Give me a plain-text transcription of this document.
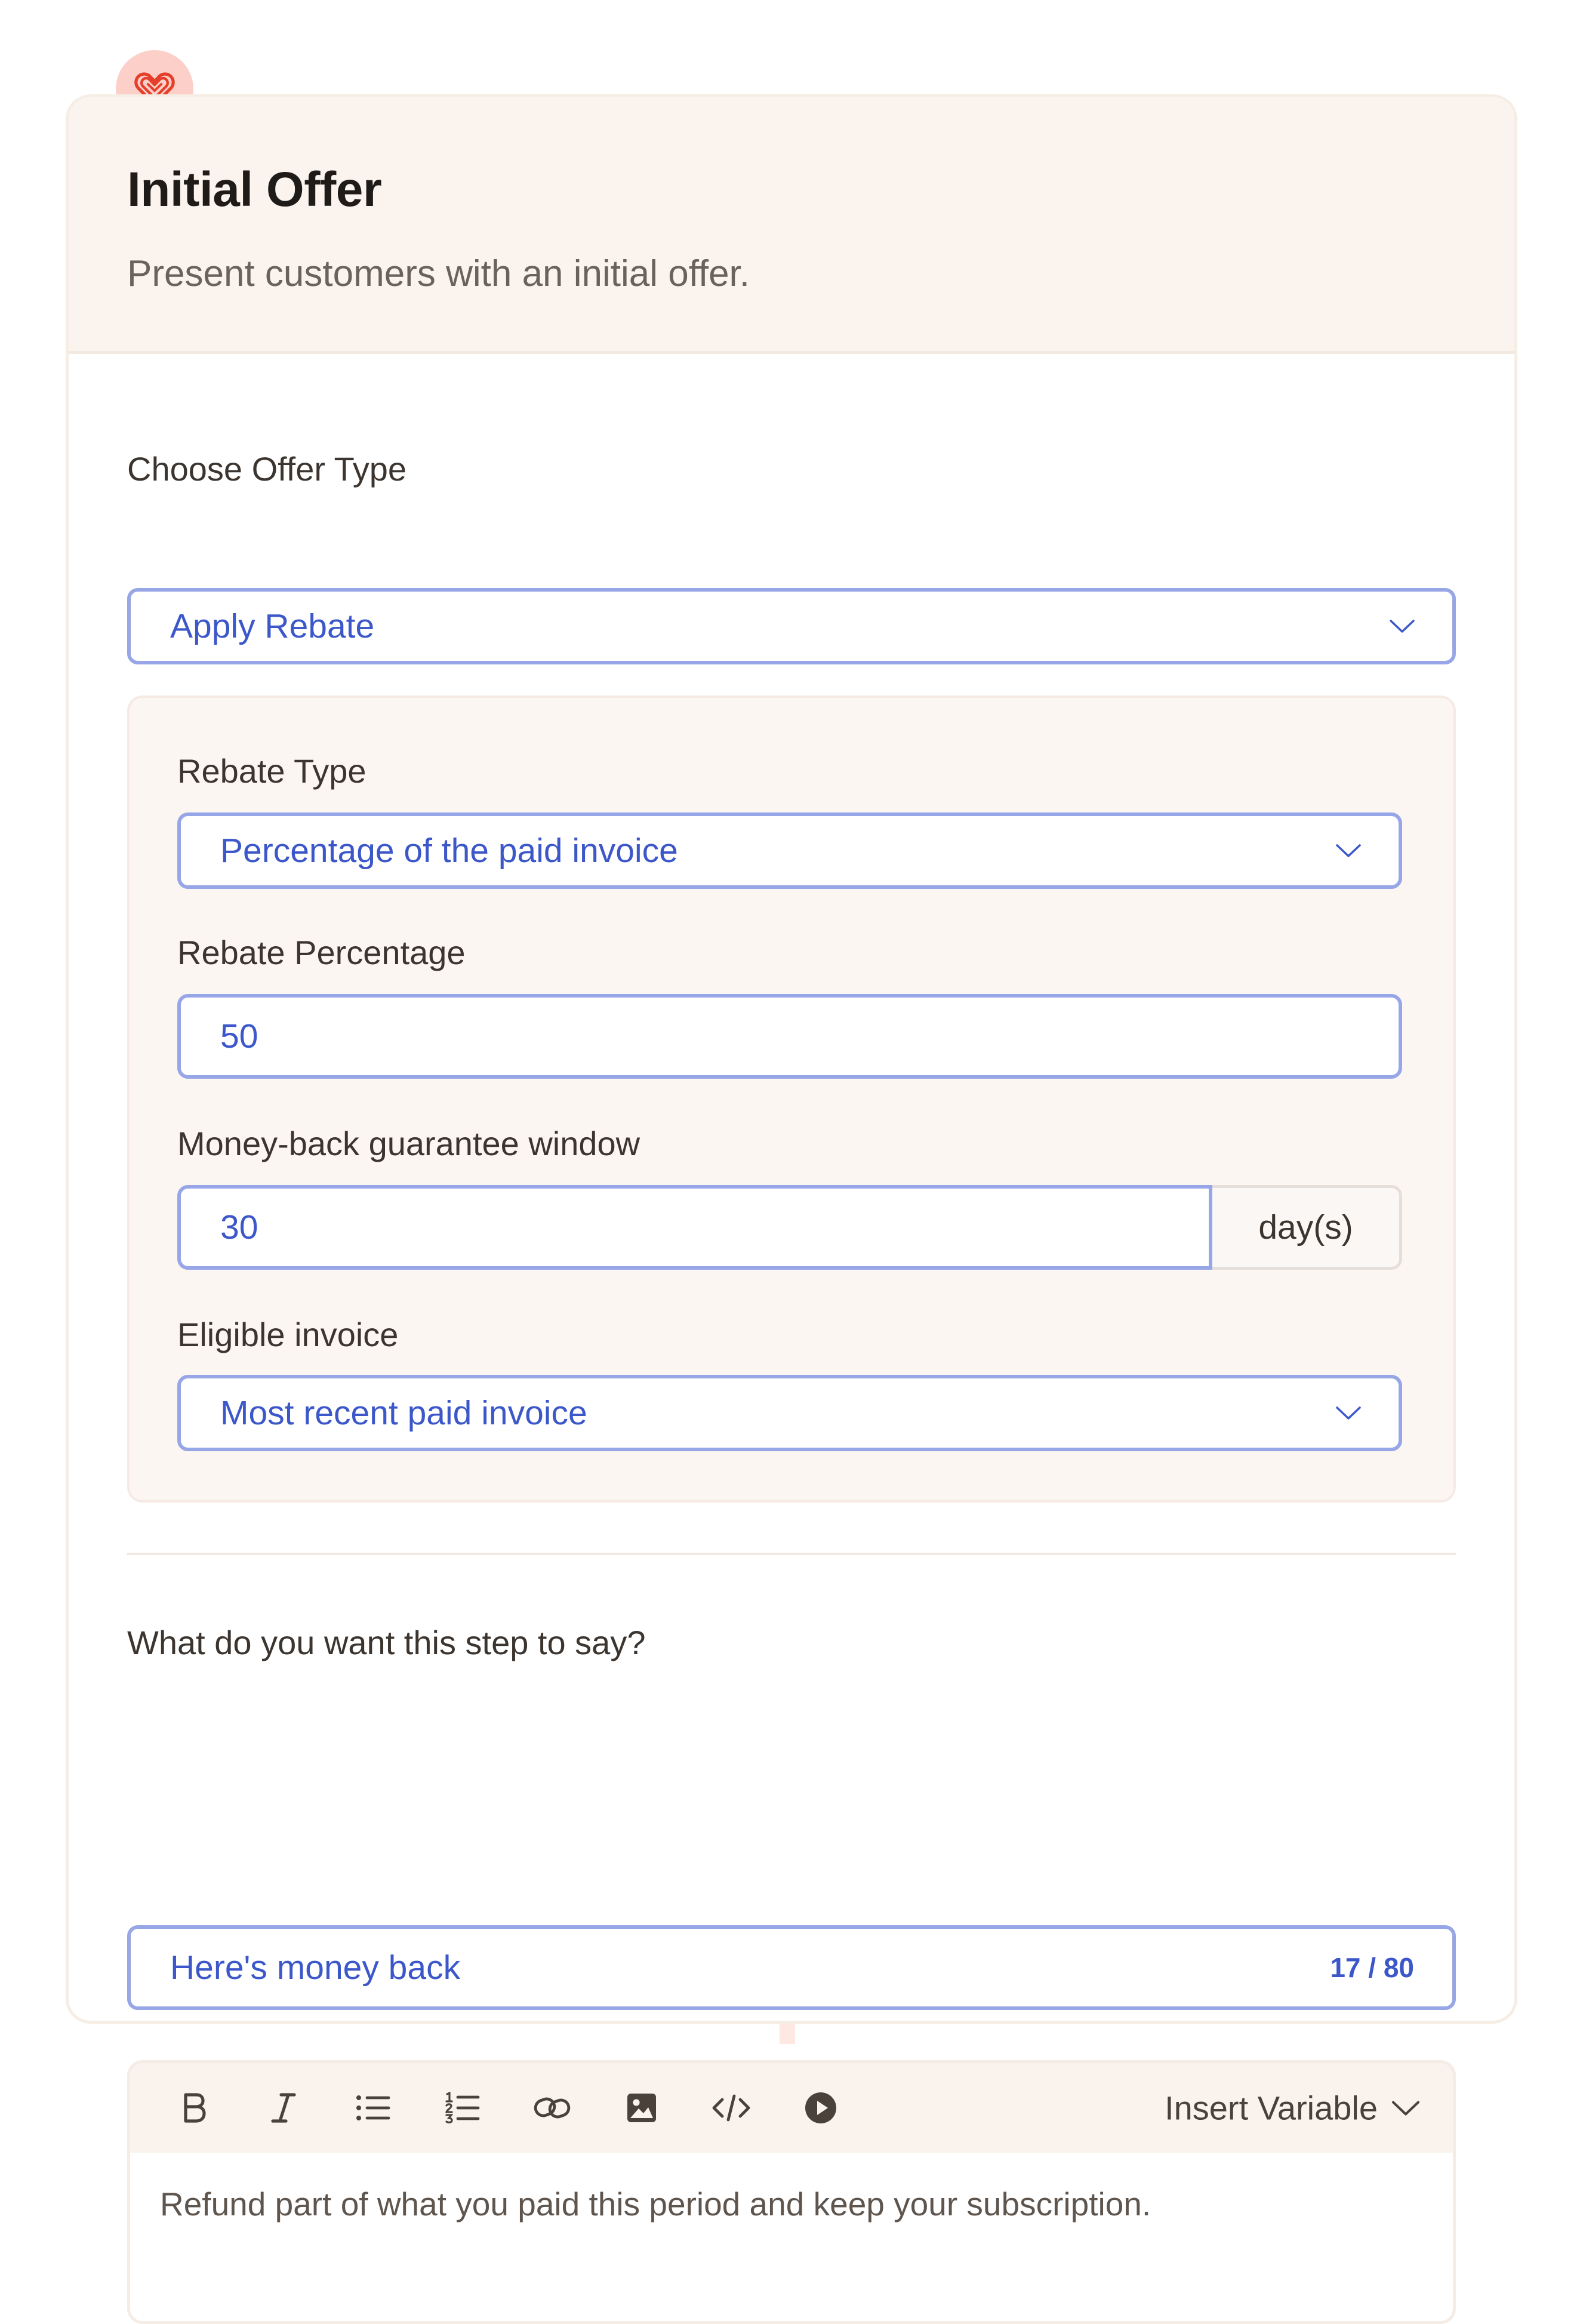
Initial Offer
Present customers with an initial offer.
Choose Offer Type
Apply Rebate
Rebate Type
Percentage of the paid invoice
Rebate Percentage
50
Money-back guarantee window
30	day(s)
Eligible invoice
Most recent paid invoice
What do you want this step to say?
Here's money back	17 / 80
Insert Variable
Refund part of what you paid this period and keep your subscription.
